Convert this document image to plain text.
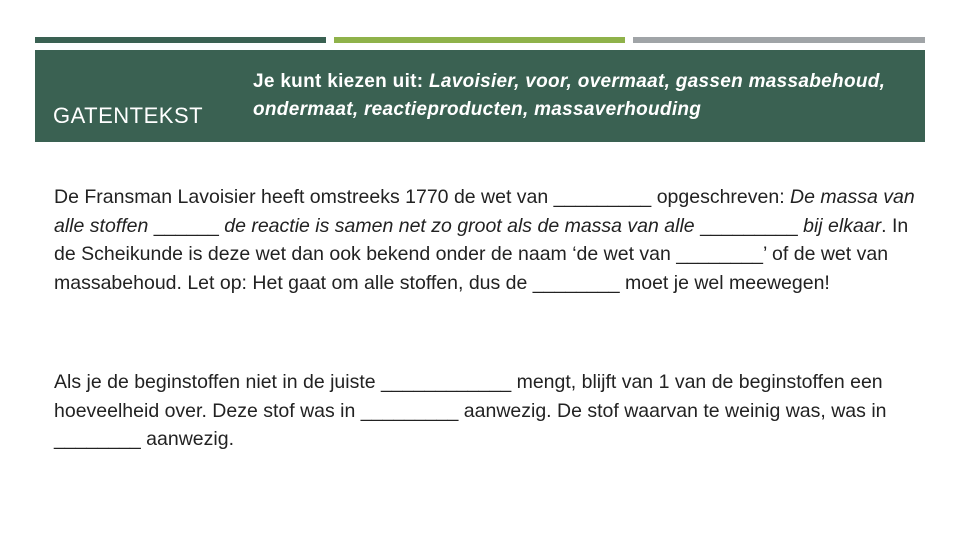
GATENTEKST
Je kunt kiezen uit: Lavoisier, voor, overmaat, gassen massabehoud, ondermaat, reactieproducten, massaverhouding

De Fransman Lavoisier heeft omstreeks 1770 de wet van _________ opgeschreven: De massa van alle stoffen ______ de reactie is samen net zo groot als de massa van alle _________ bij elkaar. In de Scheikunde is deze wet dan ook bekend onder de naam ‘de wet van ________’ of de wet van massabehoud. Let op: Het gaat om alle stoffen, dus de ________ moet je wel meewegen!

Als je de beginstoffen niet in de juiste ____________ mengt, blijft van 1 van de beginstoffen een hoeveelheid over. Deze stof was in _________ aanwezig. De stof waarvan te weinig was, was in ________ aanwezig.
